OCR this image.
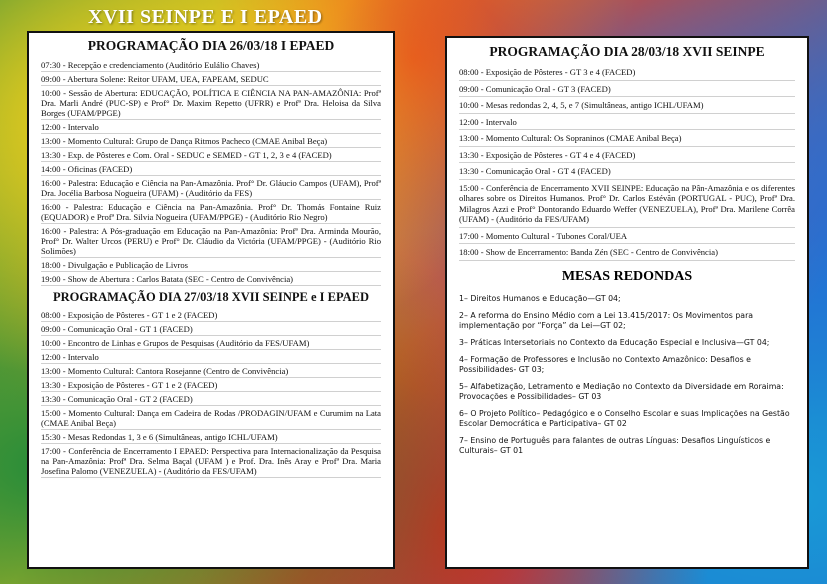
XVII SEINPE E I EPAED
PROGRAMAÇÃO DIA 26/03/18 I EPAED
07:30 - Recepção e credenciamento (Auditório Eulálio Chaves)
09:00 - Abertura Solene: Reitor UFAM, UEA, FAPEAM, SEDUC
10:00 - Sessão de Abertura: EDUCAÇÃO, POLÍTICA E CIÊNCIA NA PAN-AMAZÔNIA: Profª Dra. Marli André (PUC-SP) e Prof° Dr. Maxim Repetto (UFRR) e Profª Dra. Heloisa da Silva Borges (UFAM/PPGE)
12:00 - Intervalo
13:00 - Momento Cultural: Grupo de Dança Ritmos Pacheco (CMAE Anibal Beça)
13:30 - Exp. de Pôsteres e Com. Oral - SEDUC e SEMED - GT 1, 2, 3 e 4 (FACED)
14:00 - Oficinas (FACED)
16:00 - Palestra: Educação e Ciência na Pan-Amazônia. Prof° Dr. Gláucio Campos (UFAM), Profª Dra. Jocélia Barbosa Nogueira (UFAM) - (Auditório da FES)
16:00 - Palestra: Educação e Ciência na Pan-Amazônia. Prof° Dr. Thomás Fontaine Ruiz (EQUADOR) e Profª Dra. Silvia Nogueira (UFAM/PPGE) - (Auditório Rio Negro)
16:00 - Palestra: A Pós-graduação em Educação na Pan-Amazônia: Profª Dra. Arminda Mourão, Prof° Dr. Walter Urcos (PERU) e Prof° Dr. Cláudio da Victória (UFAM/PPGE) - (Auditório Rio Solimões)
18:00 - Divulgação e Publicação de Livros
19:00 - Show de Abertura : Carlos Batata (SEC - Centro de Convivência)
PROGRAMAÇÃO DIA 27/03/18 XVII SEINPE e I EPAED
08:00 - Exposição de Pôsteres - GT 1 e 2 (FACED)
09:00 - Comunicação Oral - GT 1 (FACED)
10:00 - Encontro de Linhas e Grupos de Pesquisas (Auditório da FES/UFAM)
12:00 - Intervalo
13:00 - Momento Cultural: Cantora Rosejanne (Centro de Convivência)
13:30 - Exposição de Pôsteres - GT 1 e 2 (FACED)
13:30 - Comunicação Oral - GT 2 (FACED)
15:00 - Momento Cultural: Dança em Cadeira de Rodas /PRODAGIN/UFAM e Curumim na Lata (CMAE Anibal Beça)
15:30 - Mesas Redondas 1, 3 e 6 (Simultâneas, antigo ICHL/UFAM)
17:00 - Conferência de Encerramento I EPAED: Perspectiva para Internacionalização da Pesquisa na Pan-Amazônia: Profª Dra. Selma Baçal (UFAM ) e Prof. Dra. Inês Aray e Profª Dra. Maria Josefina Palomo (VENEZUELA) - (Auditório da FES/UFAM)
PROGRAMAÇÃO DIA 28/03/18 XVII SEINPE
08:00 - Exposição de Pôsteres - GT 3 e 4 (FACED)
09:00 - Comunicação Oral - GT 3 (FACED)
10:00 - Mesas redondas 2, 4, 5, e 7 (Simultâneas, antigo ICHL/UFAM)
12:00 - Intervalo
13:00 - Momento Cultural: Os Sopraninos (CMAE Anibal Beça)
13:30 - Exposição de Pôsteres - GT 4 e 4 (FACED)
13:30 - Comunicação Oral - GT 4 (FACED)
15:00 - Conferência de Encerramento XVII SEINPE: Educação na Pân-Amazônia e os diferentes olhares sobre os Direitos Humanos. Prof° Dr. Carlos Estévãn (PORTUGAL - PUC), Profª Dra. Milagros Azzi e Prof° Dontorando Eduardo Weffer (VENEZUELA), Profª Dra. Marilene Corrêa (UFAM) - (Auditório da FES/UFAM)
17:00 - Momento Cultural - Tubones Coral/UEA
18:00 - Show de Encerramento: Banda Zén (SEC - Centro de Convivência)
MESAS REDONDAS
1– Direitos Humanos e Educação—GT 04;
2– A reforma do Ensino Médio com a Lei 13.415/2017: Os Movimentos para implementação por “Força” da Lei—GT 02;
3– Práticas Intersetoriais no Contexto da Educação Especial e Inclusiva—GT 04;
4– Formação de Professores e Inclusão no Contexto Amazônico: Desafios e Possibilidades- GT 03;
5– Alfabetização, Letramento e Mediação no Contexto da Diversidade em Roraima: Provocações e Possibilidades– GT 03
6– O Projeto Político– Pedagógico e o Conselho Escolar e suas Implicações na Gestão Escolar Democrática e Participativa– GT 02
7– Ensino de Português para falantes de outras Línguas: Desafios Linguísticos e Culturais– GT 01
